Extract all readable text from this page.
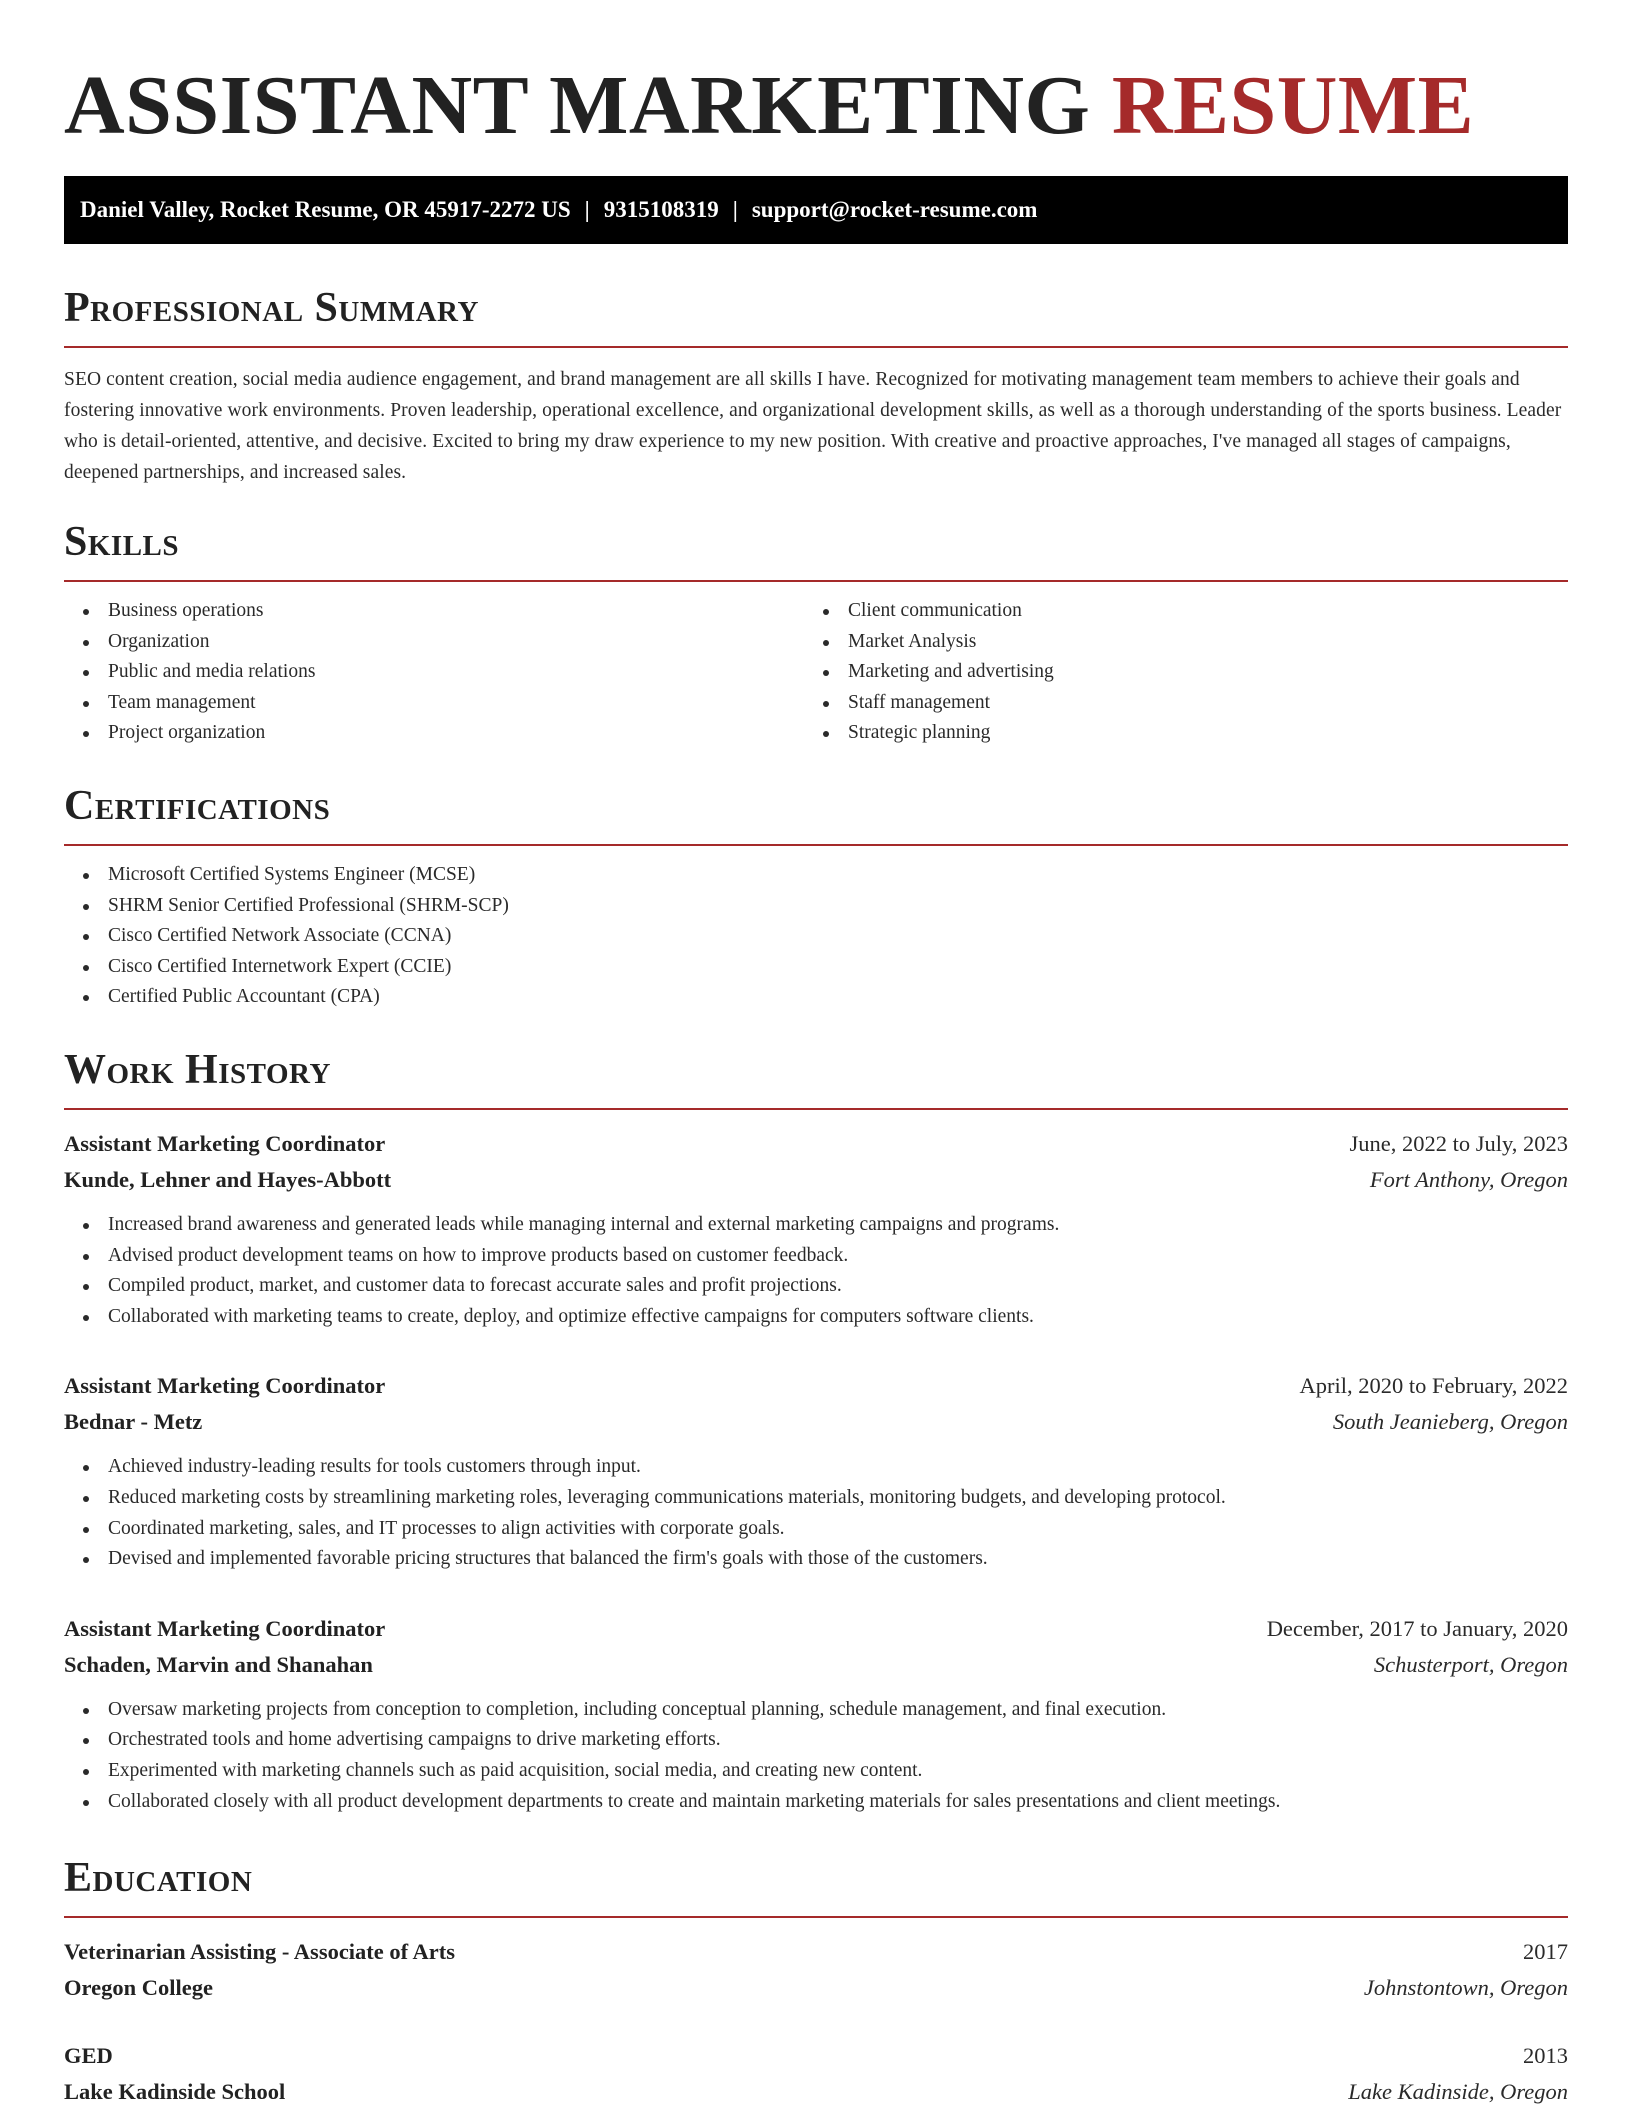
ASSISTANT MARKETING RESUME
Daniel Valley, Rocket Resume, OR 45917-2272 US | 9315108319 | support@rocket-resume.com
Professional Summary

SEO content creation, social media audience engagement, and brand management are all skills I have. Recognized for motivating management team members to achieve their goals and fostering innovative work environments. Proven leadership, operational excellence, and organizational development skills, as well as a thorough understanding of the sports business. Leader who is detail-oriented, attentive, and decisive. Excited to bring my draw experience to my new position. With creative and proactive approaches, I've managed all stages of campaigns, deepened partnerships, and increased sales.

Skills
Business operations
Organization
Public and media relations
Team management
Project organization
Client communication
Market Analysis
Marketing and advertising
Staff management
Strategic planning
Certifications
Microsoft Certified Systems Engineer (MCSE)
SHRM Senior Certified Professional (SHRM-SCP)
Cisco Certified Network Associate (CCNA)
Cisco Certified Internetwork Expert (CCIE)
Certified Public Accountant (CPA)
Work History
Assistant Marketing Coordinator	June, 2022 to July, 2023
Kunde, Lehner and Hayes-Abbott	Fort Anthony, Oregon
Increased brand awareness and generated leads while managing internal and external marketing campaigns and programs.
Advised product development teams on how to improve products based on customer feedback.
Compiled product, market, and customer data to forecast accurate sales and profit projections.
Collaborated with marketing teams to create, deploy, and optimize effective campaigns for computers software clients.
Assistant Marketing Coordinator	April, 2020 to February, 2022
Bednar - Metz	South Jeanieberg, Oregon
Achieved industry-leading results for tools customers through input.
Reduced marketing costs by streamlining marketing roles, leveraging communications materials, monitoring budgets, and developing protocol.
Coordinated marketing, sales, and IT processes to align activities with corporate goals.
Devised and implemented favorable pricing structures that balanced the firm's goals with those of the customers.
Assistant Marketing Coordinator	December, 2017 to January, 2020
Schaden, Marvin and Shanahan	Schusterport, Oregon
Oversaw marketing projects from conception to completion, including conceptual planning, schedule management, and final execution.
Orchestrated tools and home advertising campaigns to drive marketing efforts.
Experimented with marketing channels such as paid acquisition, social media, and creating new content.
Collaborated closely with all product development departments to create and maintain marketing materials for sales presentations and client meetings.
Education
Veterinarian Assisting - Associate of Arts	2017
Oregon College	Johnstontown, Oregon
GED	2013
Lake Kadinside School	Lake Kadinside, Oregon
